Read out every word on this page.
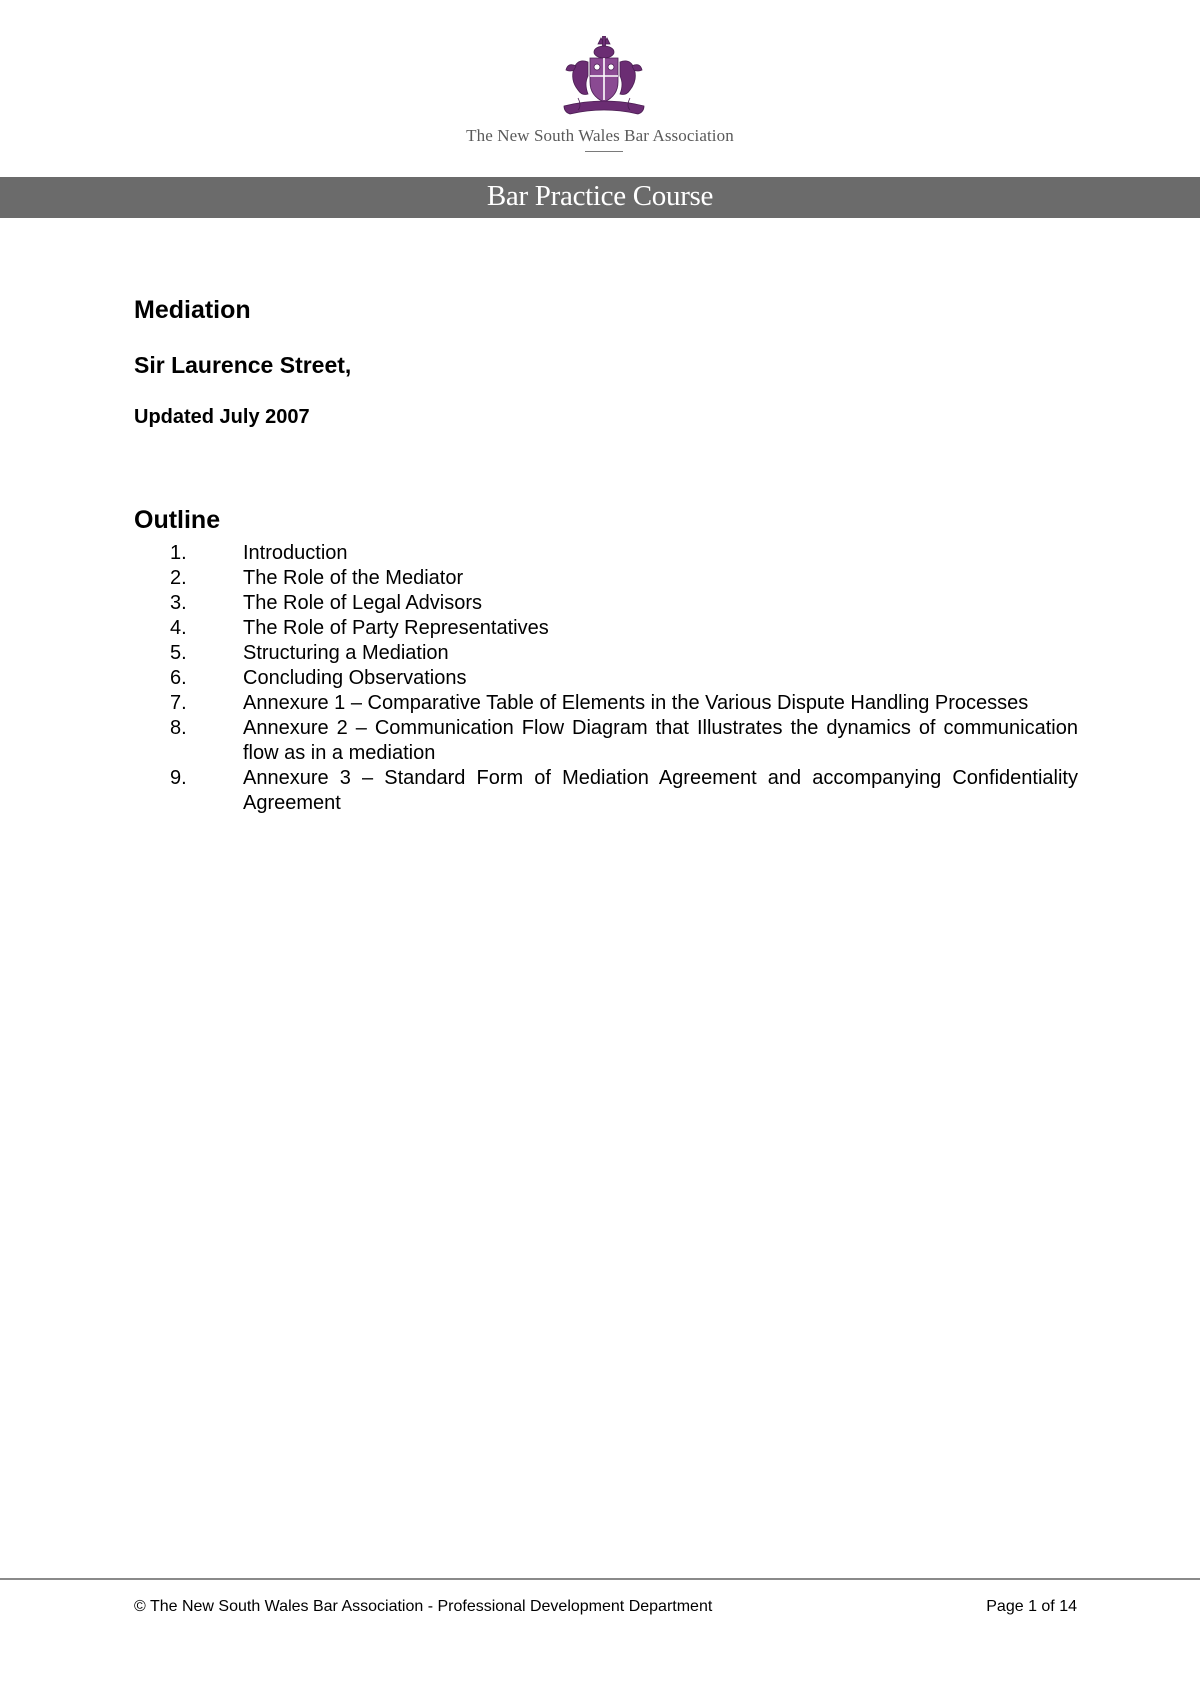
The New South Wales Bar Association
Bar Practice Course
Mediation
Sir Laurence Street,
Updated July 2007
Outline
1.	Introduction
2.	The Role of the Mediator
3.	The Role of Legal Advisors
4.	The Role of Party Representatives
5.	Structuring a Mediation
6.	Concluding Observations
7.	Annexure 1 – Comparative Table of Elements in the Various Dispute Handling Processes
8.	Annexure 2 – Communication Flow Diagram that Illustrates the dynamics of communication flow as in a mediation
9.	Annexure 3 – Standard Form of Mediation Agreement and accompanying Confidentiality Agreement
© The New South Wales Bar Association - Professional Development Department	Page 1 of 14
